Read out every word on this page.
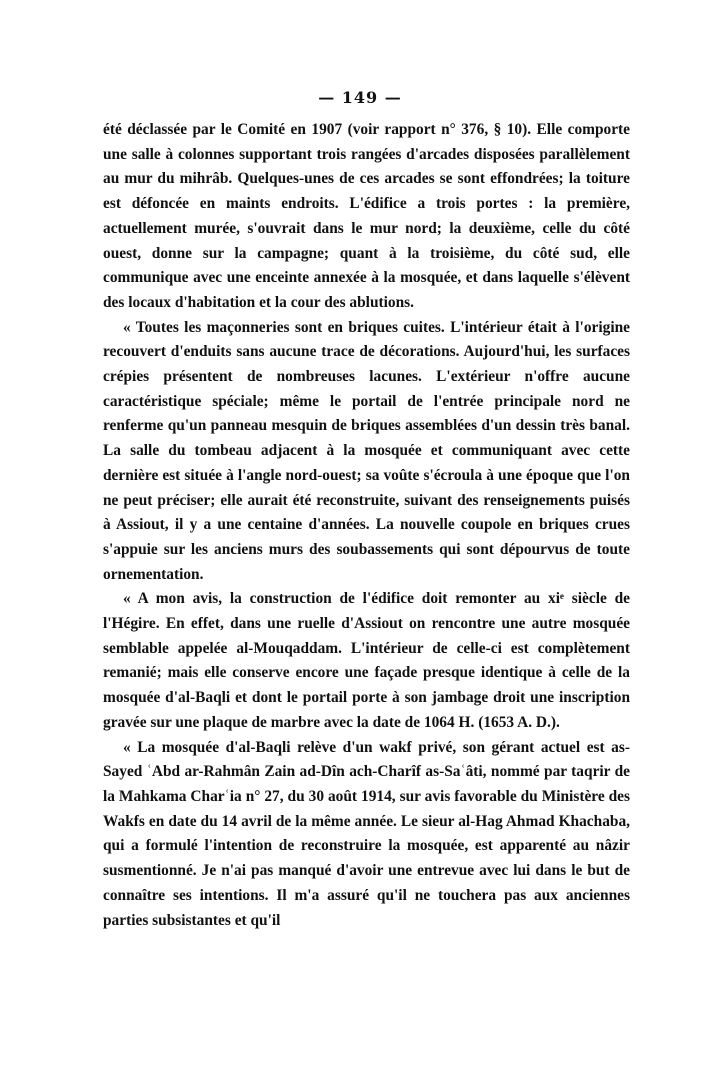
— 149 —

été déclassée par le Comité en 1907 (voir rapport n° 376, § 10). Elle comporte une salle à colonnes supportant trois rangées d'arcades disposées parallèlement au mur du mihrâb. Quelques-unes de ces arcades se sont effondrées; la toiture est défoncée en maints endroits. L'édifice a trois portes : la première, actuellement murée, s'ouvrait dans le mur nord; la deuxième, celle du côté ouest, donne sur la campagne; quant à la troisième, du côté sud, elle communique avec une enceinte annexée à la mosquée, et dans laquelle s'élèvent des locaux d'habitation et la cour des ablutions.

« Toutes les maçonneries sont en briques cuites. L'intérieur était à l'origine recouvert d'enduits sans aucune trace de décorations. Aujourd'hui, les surfaces crépies présentent de nombreuses lacunes. L'extérieur n'offre aucune caractéristique spéciale; même le portail de l'entrée principale nord ne renferme qu'un panneau mesquin de briques assemblées d'un dessin très banal. La salle du tombeau adjacent à la mosquée et communiquant avec cette dernière est située à l'angle nord-ouest; sa voûte s'écroula à une époque que l'on ne peut préciser; elle aurait été reconstruite, suivant des renseignements puisés à Assiout, il y a une centaine d'années. La nouvelle coupole en briques crues s'appuie sur les anciens murs des soubassements qui sont dépourvus de toute ornementation.

« A mon avis, la construction de l'édifice doit remonter au xiᵉ siècle de l'Hégire. En effet, dans une ruelle d'Assiout on rencontre une autre mosquée semblable appelée al-Mouqaddam. L'intérieur de celle-ci est complètement remanié; mais elle conserve encore une façade presque identique à celle de la mosquée d'al-Baqli et dont le portail porte à son jambage droit une inscription gravée sur une plaque de marbre avec la date de 1064 H. (1653 A. D.).

« La mosquée d'al-Baqli relève d'un wakf privé, son gérant actuel est as-Sayed ʿAbd ar-Rahmân Zain ad-Dîn ach-Charîf as-Saʿâti, nommé par taqrir de la Mahkama Charʿia n° 27, du 30 août 1914, sur avis favorable du Ministère des Wakfs en date du 14 avril de la même année. Le sieur al-Hag Ahmad Khachaba, qui a formulé l'intention de reconstruire la mosquée, est apparenté au nâzir susmentionné. Je n'ai pas manqué d'avoir une entrevue avec lui dans le but de connaître ses intentions. Il m'a assuré qu'il ne touchera pas aux anciennes parties subsistantes et qu'il
